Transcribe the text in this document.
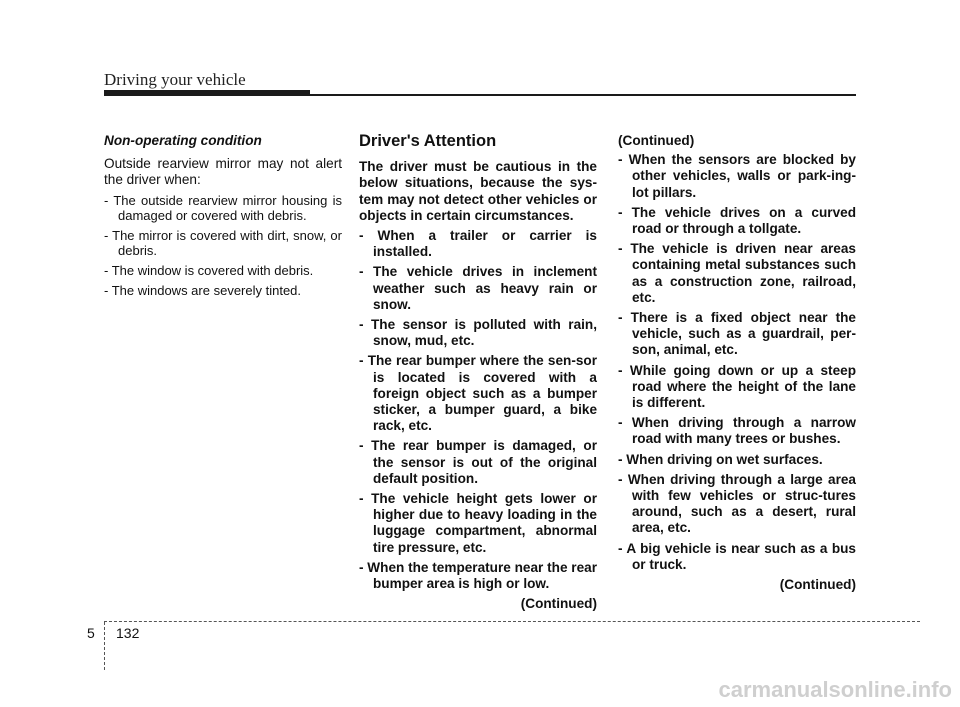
Driving your vehicle
Non-operating condition

Outside rearview mirror may not alert the driver when:

- The outside rearview mirror housing is damaged or covered with debris.
- The mirror is covered with dirt, snow, or debris.
- The window is covered with debris.
- The windows are severely tinted.
Driver's Attention

The driver must be cautious in the below situations, because the sys-tem may not detect other vehicles or objects in certain circumstances.

- When a trailer or carrier is installed.
- The vehicle drives in inclement weather such as heavy rain or snow.
- The sensor is polluted with rain, snow, mud, etc.
- The rear bumper where the sen-sor is located is covered with a foreign object such as a bumper sticker, a bumper guard, a bike rack, etc.
- The rear bumper is damaged, or the sensor is out of the original default position.
- The vehicle height gets lower or higher due to heavy loading in the luggage compartment, abnormal tire pressure, etc.
- When the temperature near the rear bumper area is high or low.
(Continued)
(Continued)
- When the sensors are blocked by other vehicles, walls or park-ing-lot pillars.
- The vehicle drives on a curved road or through a tollgate.
- The vehicle is driven near areas containing metal substances such as a construction zone, railroad, etc.
- There is a fixed object near the vehicle, such as a guardrail, per-son, animal, etc.
- While going down or up a steep road where the height of the lane is different.
- When driving through a narrow road with many trees or bushes.
- When driving on wet surfaces.
- When driving through a large area with few vehicles or struc-tures around, such as a desert, rural area, etc.
- A big vehicle is near such as a bus or truck.
(Continued)
5 132
carmanualsonline.info
